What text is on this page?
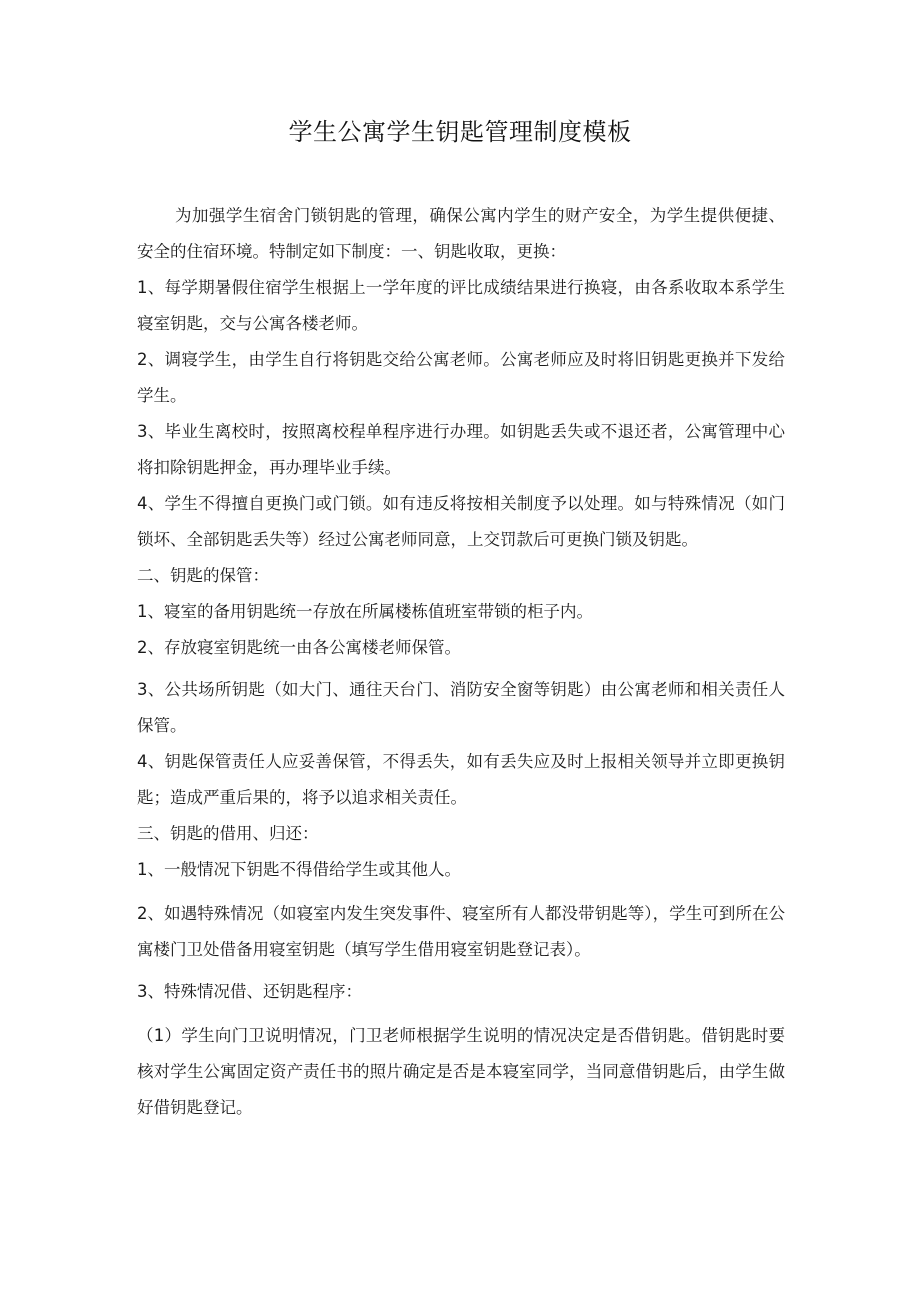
学生公寓学生钥匙管理制度模板

为加强学生宿舍门锁钥匙的管理，确保公寓内学生的财产安全，为学生提供便捷、安全的住宿环境。特制定如下制度：一、钥匙收取，更换：

1、每学期暑假住宿学生根据上一学年度的评比成绩结果进行换寝，由各系收取本系学生寝室钥匙，交与公寓各楼老师。

2、调寝学生，由学生自行将钥匙交给公寓老师。公寓老师应及时将旧钥匙更换并下发给学生。

3、毕业生离校时，按照离校程单程序进行办理。如钥匙丢失或不退还者，公寓管理中心将扣除钥匙押金，再办理毕业手续。

4、学生不得擅自更换门或门锁。如有违反将按相关制度予以处理。如与特殊情况（如门锁坏、全部钥匙丢失等）经过公寓老师同意，上交罚款后可更换门锁及钥匙。

二、钥匙的保管：

1、寝室的备用钥匙统一存放在所属楼栋值班室带锁的柜子内。

2、存放寝室钥匙统一由各公寓楼老师保管。

3、公共场所钥匙（如大门、通往天台门、消防安全窗等钥匙）由公寓老师和相关责任人保管。

4、钥匙保管责任人应妥善保管，不得丢失，如有丢失应及时上报相关领导并立即更换钥匙；造成严重后果的，将予以追求相关责任。

三、钥匙的借用、归还：

1、一般情况下钥匙不得借给学生或其他人。

2、如遇特殊情况（如寝室内发生突发事件、寝室所有人都没带钥匙等），学生可到所在公寓楼门卫处借备用寝室钥匙（填写学生借用寝室钥匙登记表）。

3、特殊情况借、还钥匙程序：

（1）学生向门卫说明情况，门卫老师根据学生说明的情况决定是否借钥匙。借钥匙时要核对学生公寓固定资产责任书的照片确定是否是本寝室同学，当同意借钥匙后，由学生做好借钥匙登记。
